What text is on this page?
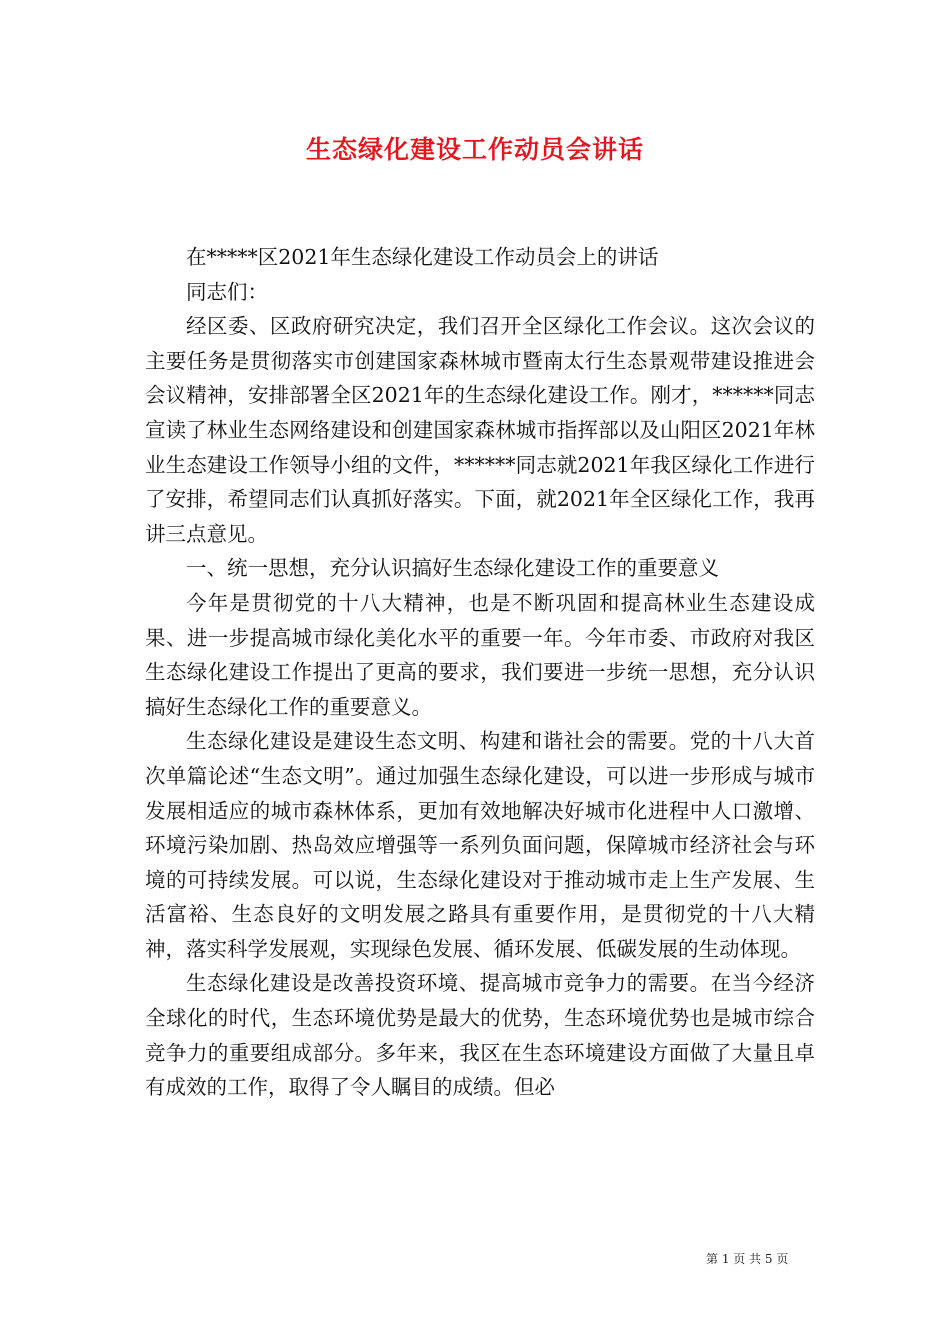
生态绿化建设工作动员会讲话

在*****区2021年生态绿化建设工作动员会上的讲话

同志们：

经区委、区政府研究决定，我们召开全区绿化工作会议。这次会议的主要任务是贯彻落实市创建国家森林城市暨南太行生态景观带建设推进会会议精神，安排部署全区2021年的生态绿化建设工作。刚才，******同志宣读了林业生态网络建设和创建国家森林城市指挥部以及山阳区2021年林业生态建设工作领导小组的文件，******同志就2021年我区绿化工作进行了安排，希望同志们认真抓好落实。下面，就2021年全区绿化工作，我再讲三点意见。

一、统一思想，充分认识搞好生态绿化建设工作的重要意义

今年是贯彻党的十八大精神，也是不断巩固和提高林业生态建设成果、进一步提高城市绿化美化水平的重要一年。今年市委、市政府对我区生态绿化建设工作提出了更高的要求，我们要进一步统一思想，充分认识搞好生态绿化工作的重要意义。

生态绿化建设是建设生态文明、构建和谐社会的需要。党的十八大首次单篇论述“生态文明”。通过加强生态绿化建设，可以进一步形成与城市发展相适应的城市森林体系，更加有效地解决好城市化进程中人口激增、环境污染加剧、热岛效应增强等一系列负面问题，保障城市经济社会与环境的可持续发展。可以说，生态绿化建设对于推动城市走上生产发展、生活富裕、生态良好的文明发展之路具有重要作用，是贯彻党的十八大精神，落实科学发展观，实现绿色发展、循环发展、低碳发展的生动体现。

生态绿化建设是改善投资环境、提高城市竞争力的需要。在当今经济全球化的时代，生态环境优势是最大的优势，生态环境优势也是城市综合竞争力的重要组成部分。多年来，我区在生态环境建设方面做了大量且卓有成效的工作，取得了令人瞩目的成绩。但必

第 1 页 共 5 页
